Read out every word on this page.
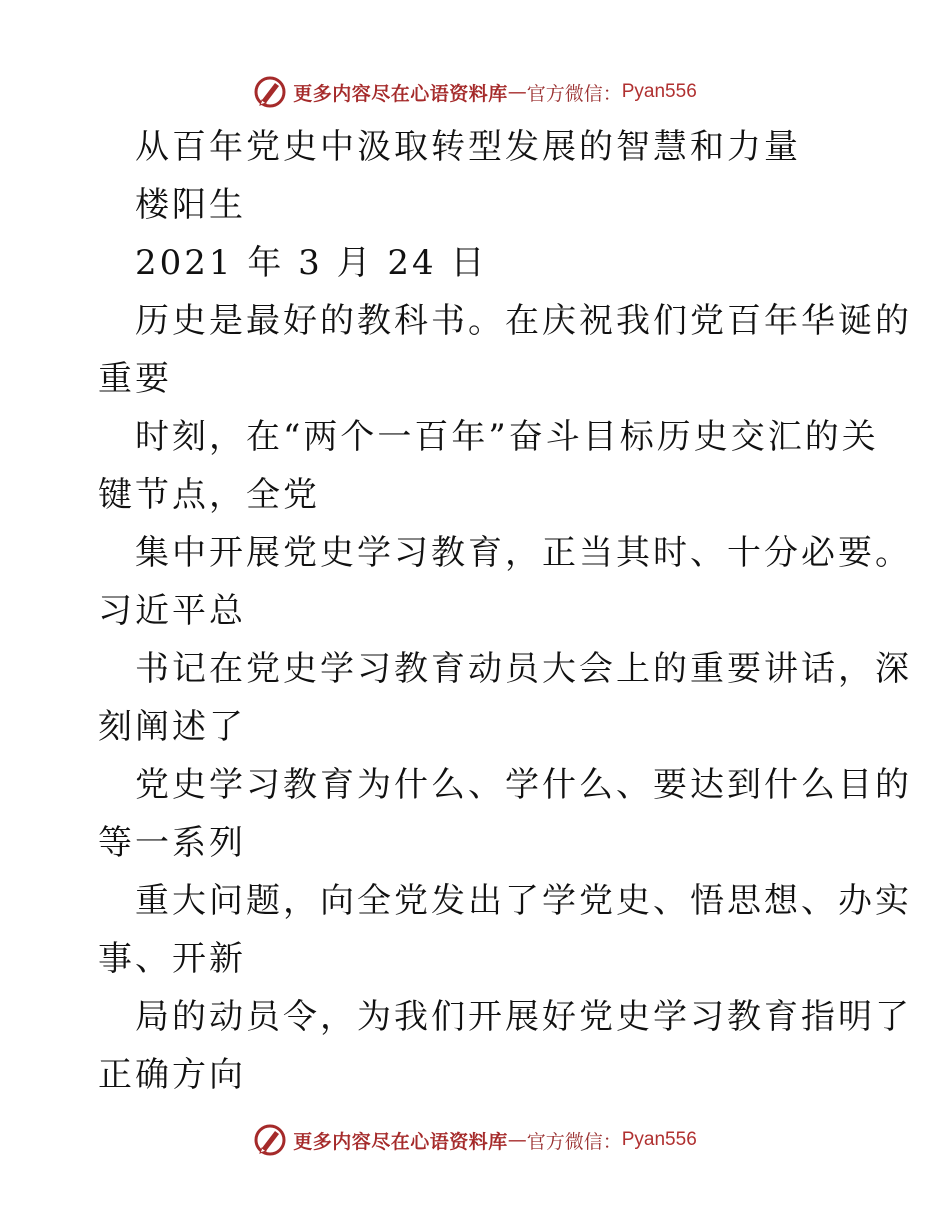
更多内容尽在心语资料库 — 官方微信： Pyan556
从百年党史中汲取转型发展的智慧和力量
楼阳生
2021 年 3 月 24 日
历史是最好的教科书。在庆祝我们党百年华诞的
重要
时刻，在“两个一百年”奋斗目标历史交汇的关
键节点，全党
集中开展党史学习教育，正当其时、十分必要。
习近平总
书记在党史学习教育动员大会上的重要讲话，深
刻阐述了
党史学习教育为什么、学什么、要达到什么目的
等一系列
重大问题，向全党发出了学党史、悟思想、办实
事、开新
局的动员令，为我们开展好党史学习教育指明了
正确方向
更多内容尽在心语资料库 — 官方微信： Pyan556
